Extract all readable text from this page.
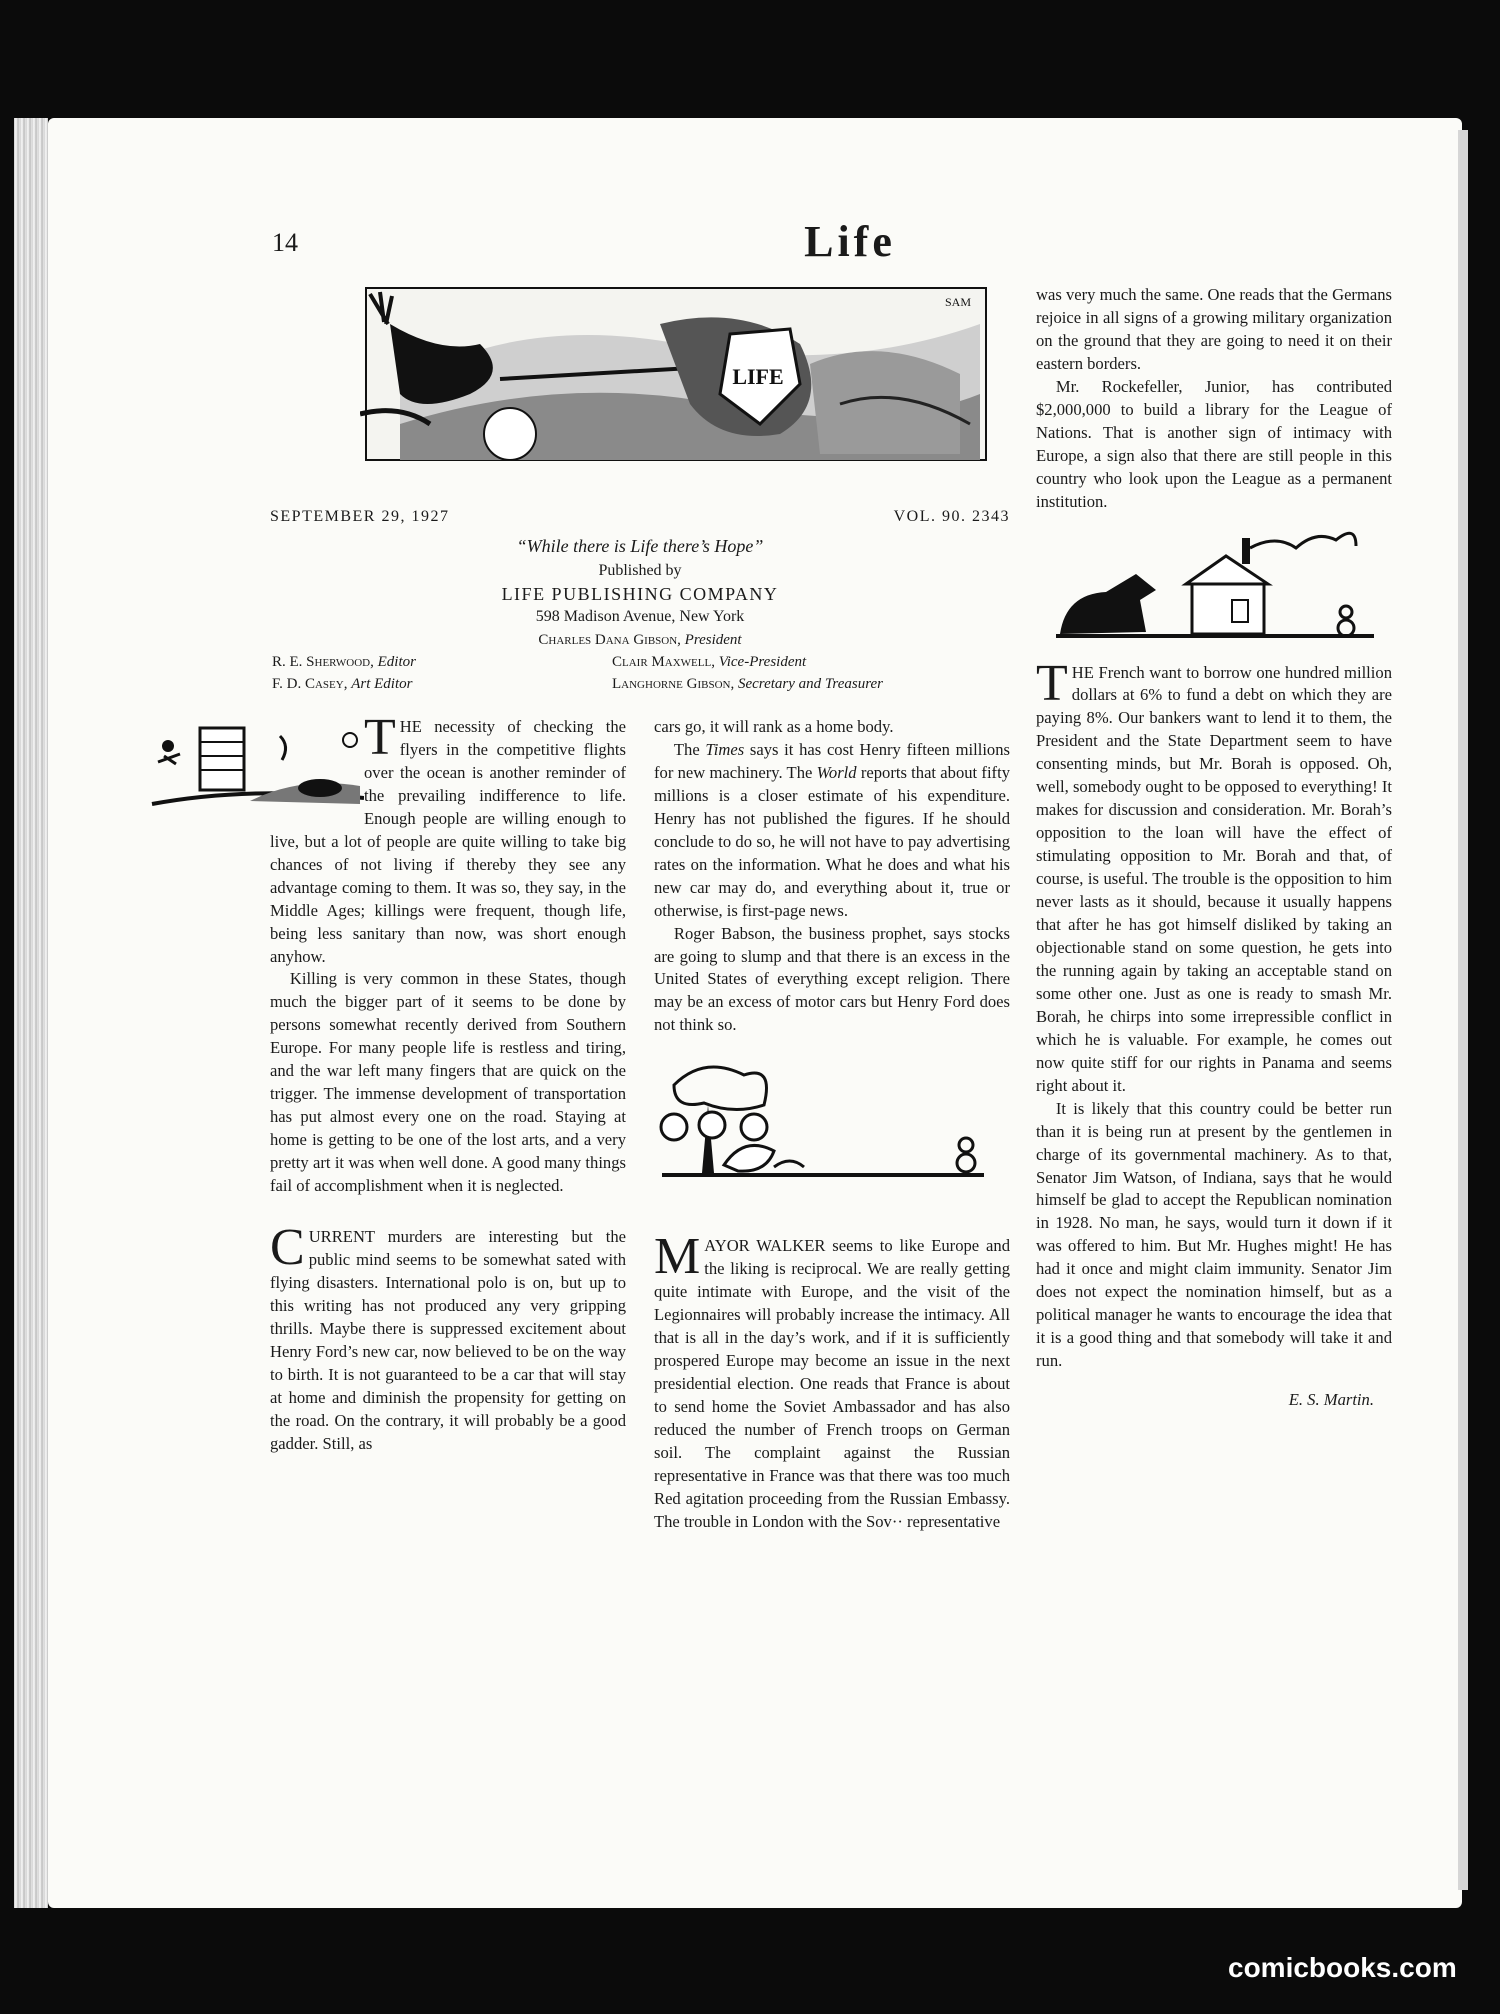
14	Life
LIFE
SAM
SEPTEMBER 29, 1927	VOL. 90. 2343
“While there is Life there’s Hope”
Published by
LIFE PUBLISHING COMPANY
598 Madison Avenue, New York
Charles Dana Gibson, President
R. E. Sherwood, Editor
F. D. Casey, Art Editor
Clair Maxwell, Vice-President
Langhorne Gibson, Secretary and Treasurer

THE necessity of checking the flyers in the competitive flights over the ocean is another reminder of the prevailing indifference to life. Enough people are willing enough to live, but a lot of people are quite willing to take big chances of not living if thereby they see any advantage coming to them. It was so, they say, in the Middle Ages; killings were frequent, though life, being less sanitary than now, was short enough anyhow.

Killing is very common in these States, though much the bigger part of it seems to be done by persons somewhat recently derived from Southern Europe. For many people life is restless and tiring, and the war left many fingers that are quick on the trigger. The immense development of transportation has put almost every one on the road. Staying at home is getting to be one of the lost arts, and a very pretty art it was when well done. A good many things fail of accomplishment when it is neglected.

CURRENT murders are interesting but the public mind seems to be somewhat sated with flying disasters. International polo is on, but up to this writing has not produced any very gripping thrills. Maybe there is suppressed excitement about Henry Ford’s new car, now believed to be on the way to birth. It is not guaranteed to be a car that will stay at home and diminish the propensity for getting on the road. On the contrary, it will probably be a good gadder. Still, as

cars go, it will rank as a home body.

The Times says it has cost Henry fifteen millions for new machinery. The World reports that about fifty millions is a closer estimate of his expenditure. Henry has not published the figures. If he should conclude to do so, he will not have to pay advertising rates on the information. What he does and what his new car may do, and everything about it, true or otherwise, is first-page news.

Roger Babson, the business prophet, says stocks are going to slump and that there is an excess in the United States of everything except religion. There may be an excess of motor cars but Henry Ford does not think so.

MAYOR WALKER seems to like Europe and the liking is reciprocal. We are really getting quite intimate with Europe, and the visit of the Legionnaires will probably increase the intimacy. All that is all in the day’s work, and if it is sufficiently prospered Europe may become an issue in the next presidential election. One reads that France is about to send home the Soviet Ambassador and has also reduced the number of French troops on German soil. The complaint against the Russian representative in France was that there was too much Red agitation proceeding from the Russian Embassy. The trouble in London with the Sov·· representative

was very much the same. One reads that the Germans rejoice in all signs of a growing military organization on the ground that they are going to need it on their eastern borders.

Mr. Rockefeller, Junior, has contributed $2,000,000 to build a library for the League of Nations. That is another sign of intimacy with Europe, a sign also that there are still people in this country who look upon the League as a permanent institution.

THE French want to borrow one hundred million dollars at 6% to fund a debt on which they are paying 8%. Our bankers want to lend it to them, the President and the State Department seem to have consenting minds, but Mr. Borah is opposed. Oh, well, somebody ought to be opposed to everything! It makes for discussion and consideration. Mr. Borah’s opposition to the loan will have the effect of stimulating opposition to Mr. Borah and that, of course, is useful. The trouble is the opposition to him never lasts as it should, because it usually happens that after he has got himself disliked by taking an objectionable stand on some question, he gets into the running again by taking an acceptable stand on some other one. Just as one is ready to smash Mr. Borah, he chirps into some irrepressible conflict in which he is valuable. For example, he comes out now quite stiff for our rights in Panama and seems right about it.

It is likely that this country could be better run than it is being run at present by the gentlemen in charge of its governmental machinery. As to that, Senator Jim Watson, of Indiana, says that he would himself be glad to accept the Republican nomination in 1928. No man, he says, would turn it down if it was offered to him. But Mr. Hughes might! He has had it once and might claim immunity. Senator Jim does not expect the nomination himself, but as a political manager he wants to encourage the idea that it is a good thing and that somebody will take it and run.

E. S. Martin.
comicbooks.com
